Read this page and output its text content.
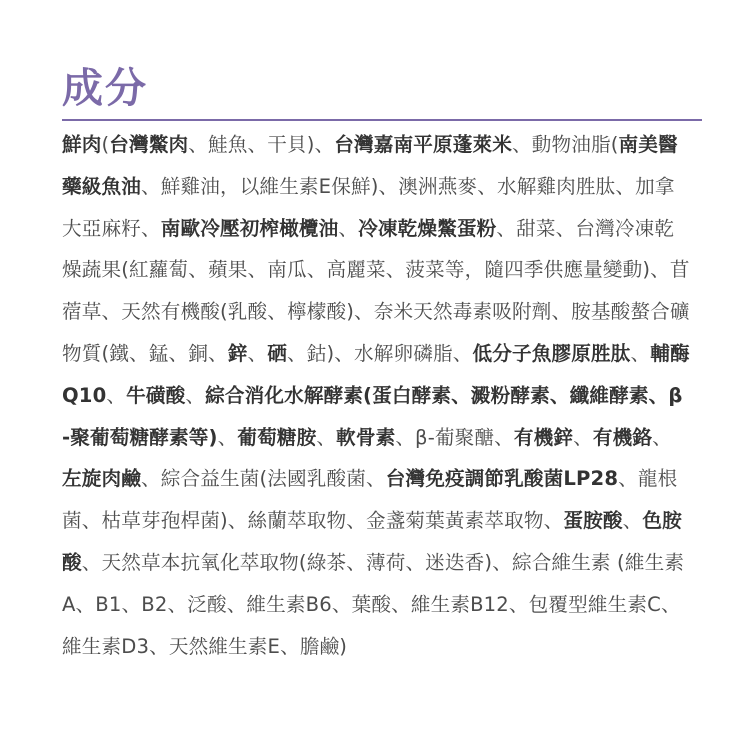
成分

鮮肉(台灣鱉肉、鮭魚、干貝)、台灣嘉南平原蓬萊米、動物油脂(南美醫藥級魚油、鮮雞油，以維生素E保鮮)、澳洲燕麥、水解雞肉胜肽、加拿大亞麻籽、南歐冷壓初榨橄欖油、冷凍乾燥鱉蛋粉、甜菜、台灣冷凍乾燥蔬果(紅蘿蔔、蘋果、南瓜、高麗菜、菠菜等，隨四季供應量變動)、苜蓿草、天然有機酸(乳酸、檸檬酸)、奈米天然毒素吸附劑、胺基酸螯合礦物質(鐵、錳、銅、鋅、硒、鈷)、水解卵磷脂、低分子魚膠原胜肽、輔酶Q10、牛磺酸、綜合消化水解酵素(蛋白酵素、澱粉酵素、纖維酵素、β-聚葡萄糖酵素等)、葡萄糖胺、軟骨素、β-葡聚醣、有機鋅、有機鉻、左旋肉鹼、綜合益生菌(法國乳酸菌、台灣免疫調節乳酸菌LP28、龍根菌、枯草芽孢桿菌)、絲蘭萃取物、金盞菊葉黃素萃取物、蛋胺酸、色胺酸、天然草本抗氧化萃取物(綠茶、薄荷、迷迭香)、綜合維生素 (維生素A、B1、B2、泛酸、維生素B6、葉酸、維生素B12、包覆型維生素C、維生素D3、天然維生素E、膽鹼)
